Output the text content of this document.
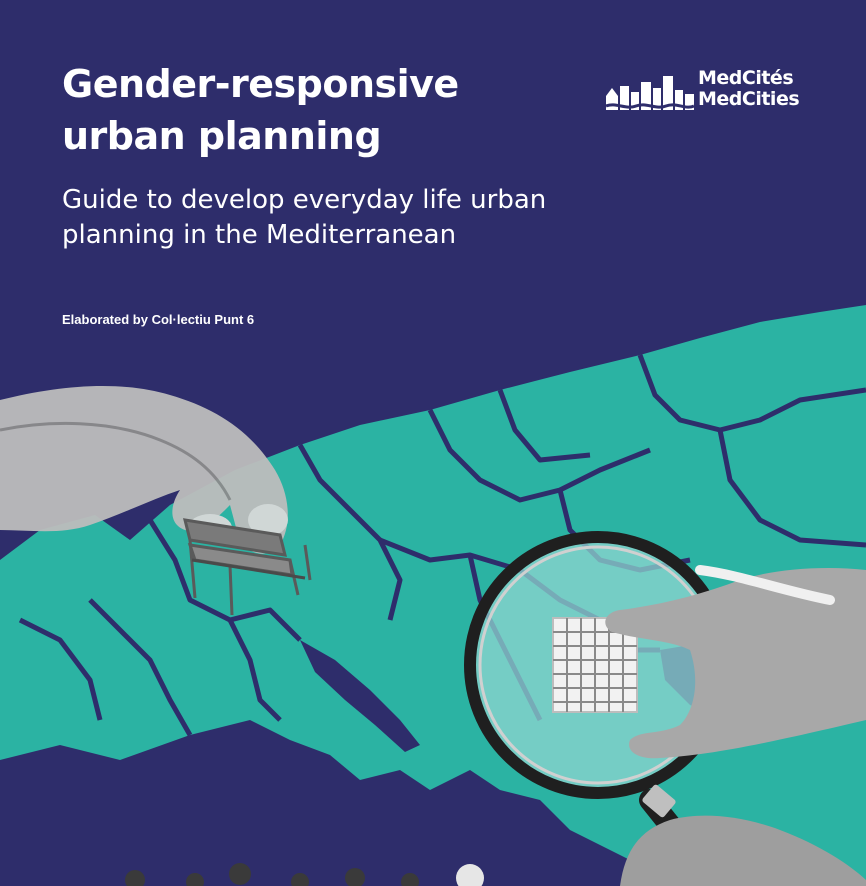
Gender-responsive urban planning
Guide to develop everyday life urban planning in the Mediterranean
Elaborated by Col·lectiu Punt 6
MedCités
MedCities
